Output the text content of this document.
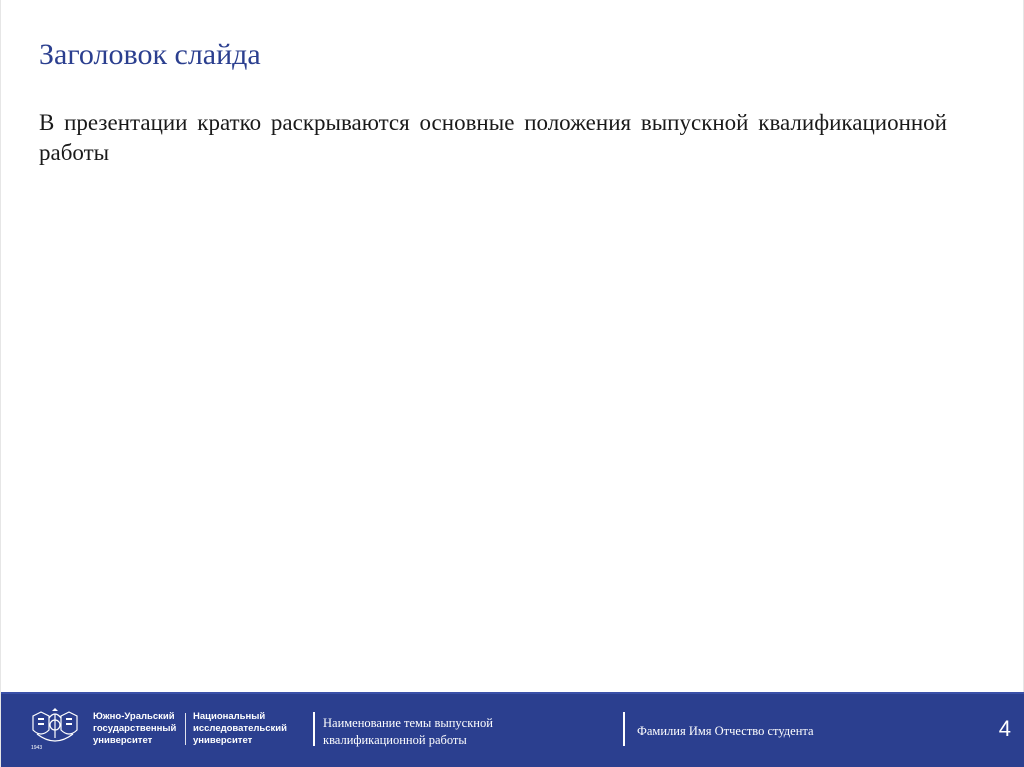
Заголовок слайда
В презентации кратко раскрываются основные положения выпускной квалификационной работы
1943
Южно-Уральский
государственный
университет
Национальный
исследовательский
университет
Наименование темы выпускной квалификационной работы
Фамилия Имя Отчество студента	4
